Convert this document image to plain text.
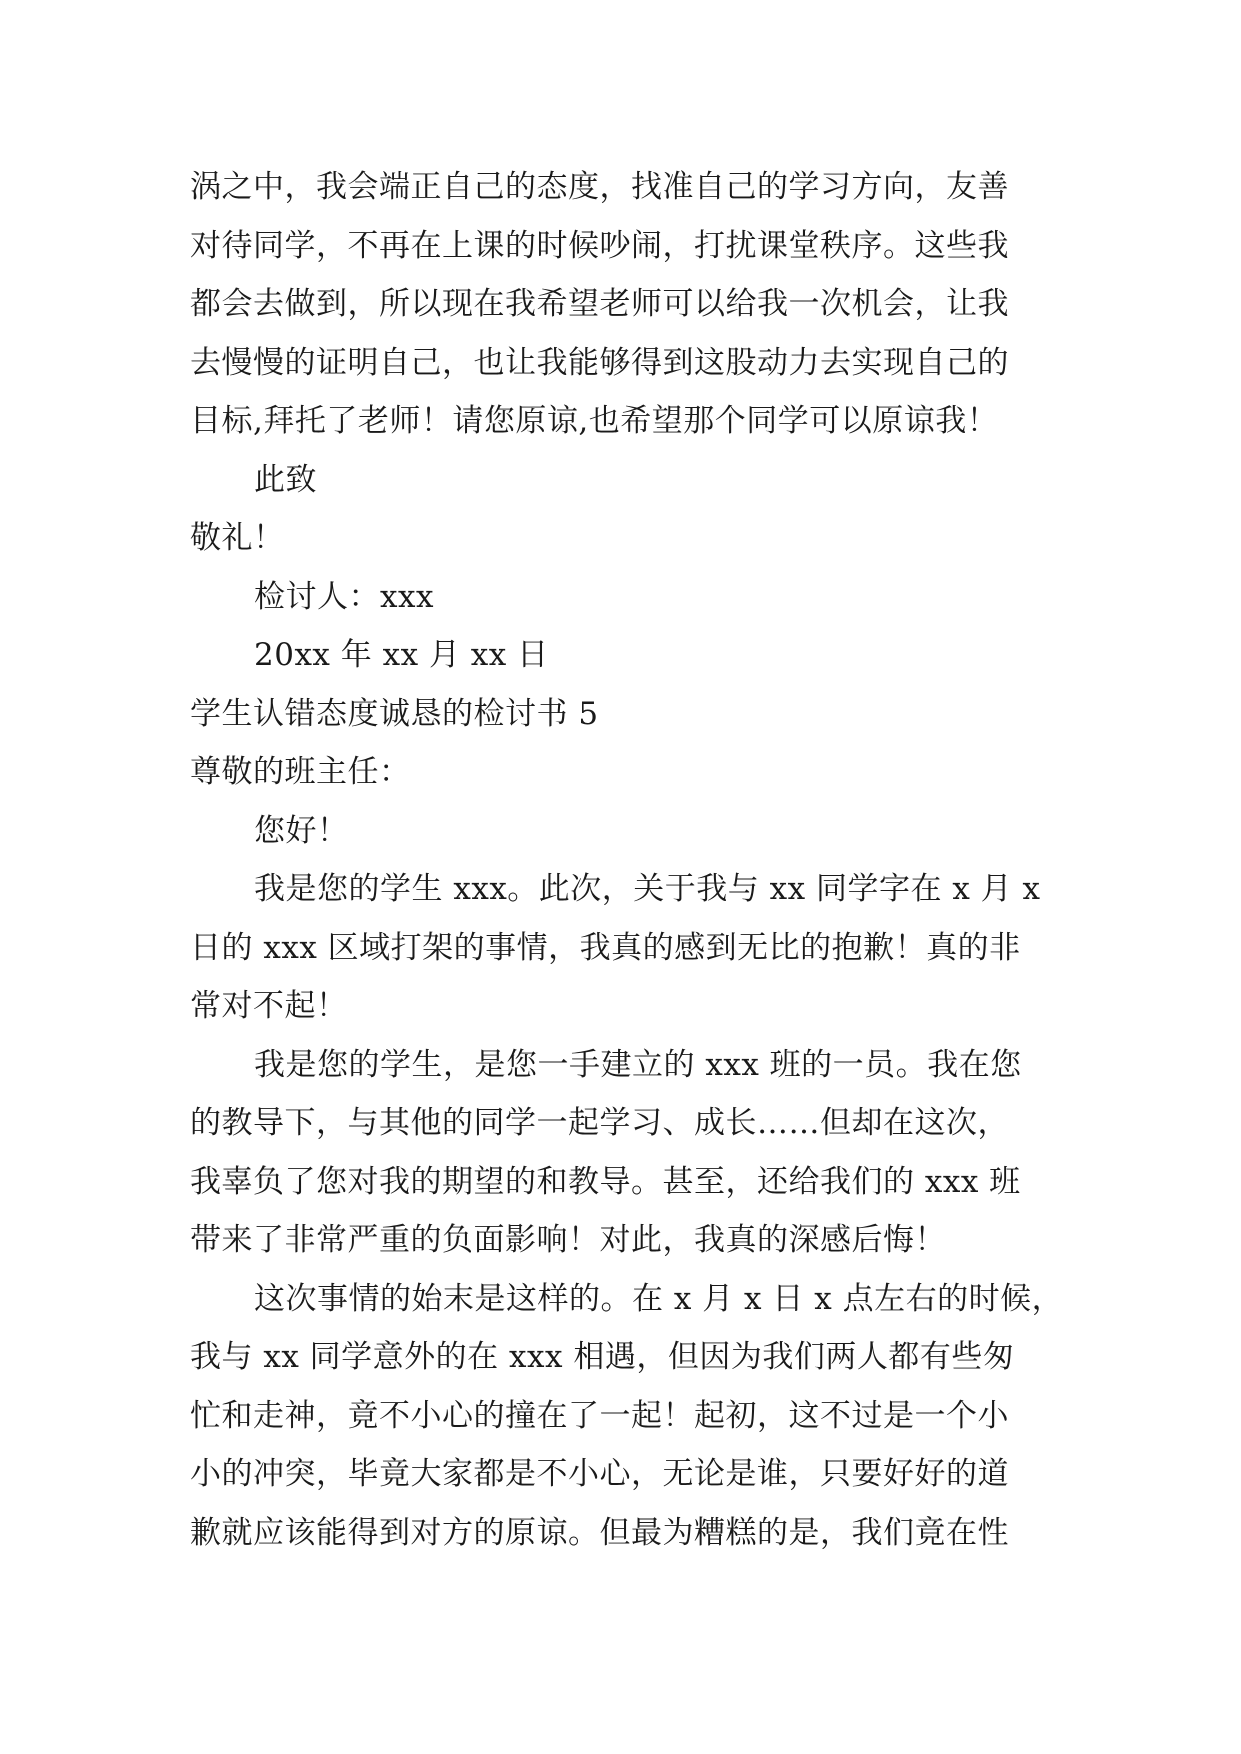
涡之中，我会端正自己的态度，找准自己的学习方向，友善
对待同学，不再在上课的时候吵闹，打扰课堂秩序。这些我
都会去做到，所以现在我希望老师可以给我一次机会，让我
去慢慢的证明自己，也让我能够得到这股动力去实现自己的
目标,拜托了老师！请您原谅,也希望那个同学可以原谅我！
此致
敬礼！
检讨人：xxx
20xx 年 xx 月 xx 日
学生认错态度诚恳的检讨书 5
尊敬的班主任：
您好！
我是您的学生 xxx。此次，关于我与 xx 同学字在 x 月 x
日的 xxx 区域打架的事情，我真的感到无比的抱歉！真的非
常对不起！
我是您的学生，是您一手建立的 xxx 班的一员。我在您
的教导下，与其他的同学一起学习、成长……但却在这次，
我辜负了您对我的期望的和教导。甚至，还给我们的 xxx 班
带来了非常严重的负面影响！对此，我真的深感后悔！
这次事情的始末是这样的。在 x 月 x 日 x 点左右的时候，
我与 xx 同学意外的在 xxx 相遇，但因为我们两人都有些匆
忙和走神，竟不小心的撞在了一起！起初，这不过是一个小
小的冲突，毕竟大家都是不小心，无论是谁，只要好好的道
歉就应该能得到对方的原谅。但最为糟糕的是，我们竟在性
